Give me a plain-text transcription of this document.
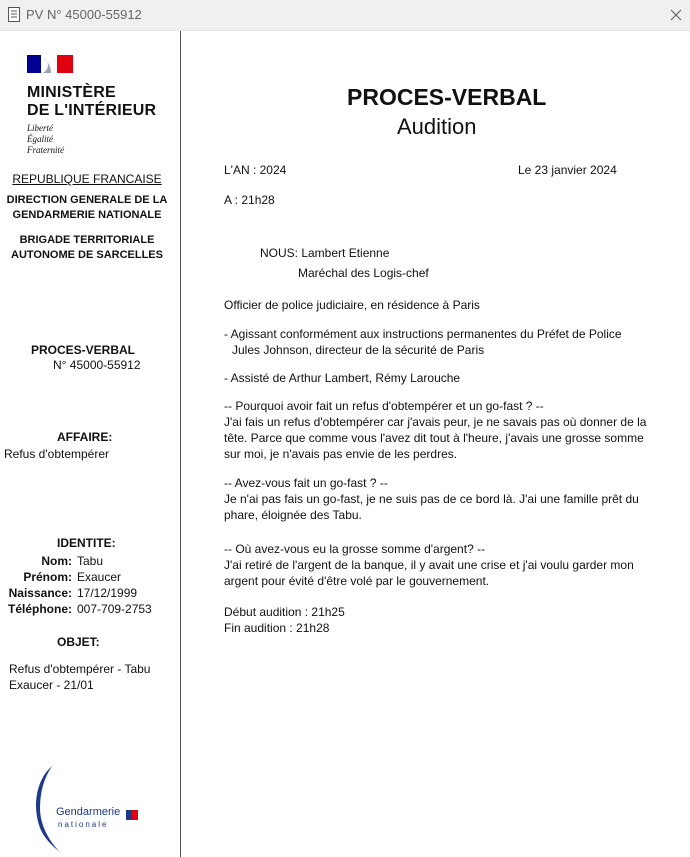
PV N° 45000-55912
MINISTÈRE
DE L'INTÉRIEUR
Liberté
Égalité
Fraternité
REPUBLIQUE FRANCAISE
DIRECTION GENERALE DE LA
GENDARMERIE NATIONALE
BRIGADE TERRITORIALE
AUTONOME DE SARCELLES
PROCES-VERBAL
N° 45000-55912
AFFAIRE:
Refus d'obtempérer
IDENTITE:
Nom: Tabu
Prénom: Exaucer
Naissance: 17/12/1999
Téléphone: 007-709-2753
OBJET:
Refus d'obtempérer - Tabu
Exaucer - 21/01
Gendarmerie
nationale
PROCES-VERBAL
Audition
L'AN : 2024	Le 23 janvier 2024
A : 21h28
NOUS: Lambert Etienne
Maréchal des Logis-chef
Officier de police judiciaire, en résidence à Paris
- Agissant conformément aux instructions permanentes du Préfet de Police
Jules Johnson, directeur de la sécurité de Paris
- Assisté de Arthur Lambert, Rémy Larouche
-- Pourquoi avoir fait un refus d'obtempérer et un go-fast ? --
J'ai fais un refus d'obtempérer car j'avais peur, je ne savais pas où donner de la
tête. Parce que comme vous l'avez dit tout à l'heure, j'avais une grosse somme
sur moi, je n'avais pas envie de les perdres.
-- Avez-vous fait un go-fast ? --
Je n'ai pas fais un go-fast, je ne suis pas de ce bord là. J'ai une famille prêt du
phare, éloignée des Tabu.
-- Où avez-vous eu la grosse somme d'argent? --
J'ai retiré de l'argent de la banque, il y avait une crise et j'ai voulu garder mon
argent pour évité d'être volé par le gouvernement.
Début audition : 21h25
Fin audition : 21h28
